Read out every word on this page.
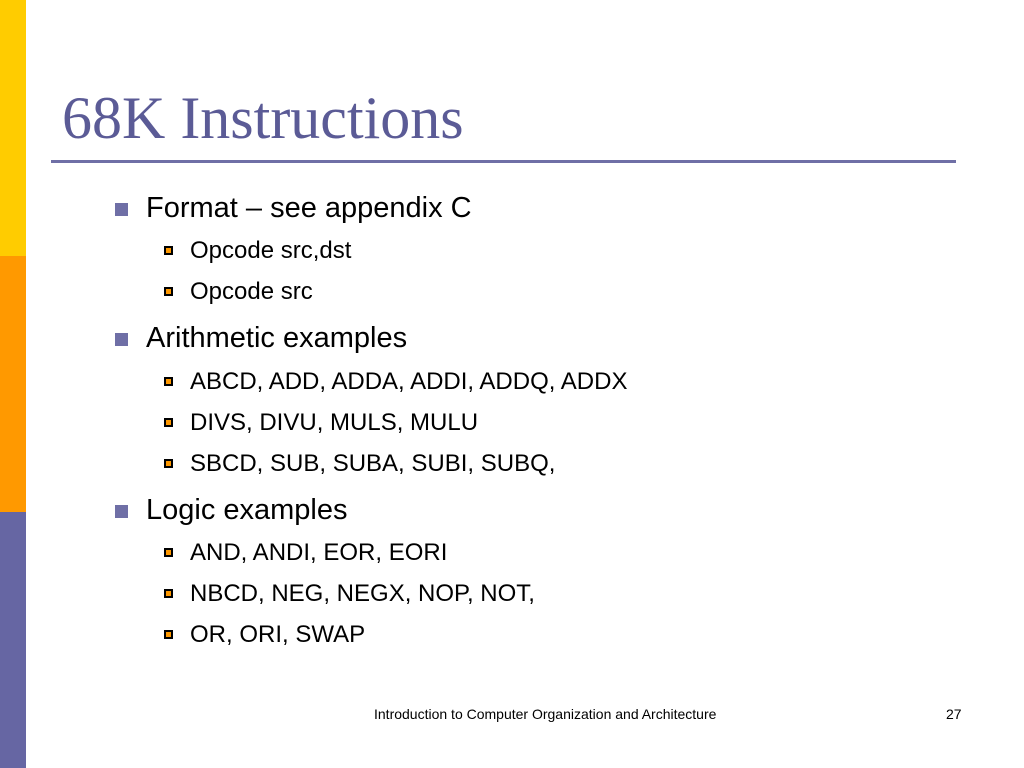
68K Instructions
Format – see appendix C
Opcode src,dst
Opcode src
Arithmetic examples
ABCD, ADD, ADDA, ADDI, ADDQ, ADDX
DIVS, DIVU, MULS, MULU
SBCD, SUB, SUBA, SUBI, SUBQ,
Logic examples
AND, ANDI, EOR, EORI
NBCD, NEG, NEGX, NOP, NOT,
OR, ORI, SWAP
Introduction to Computer Organization and Architecture	27
